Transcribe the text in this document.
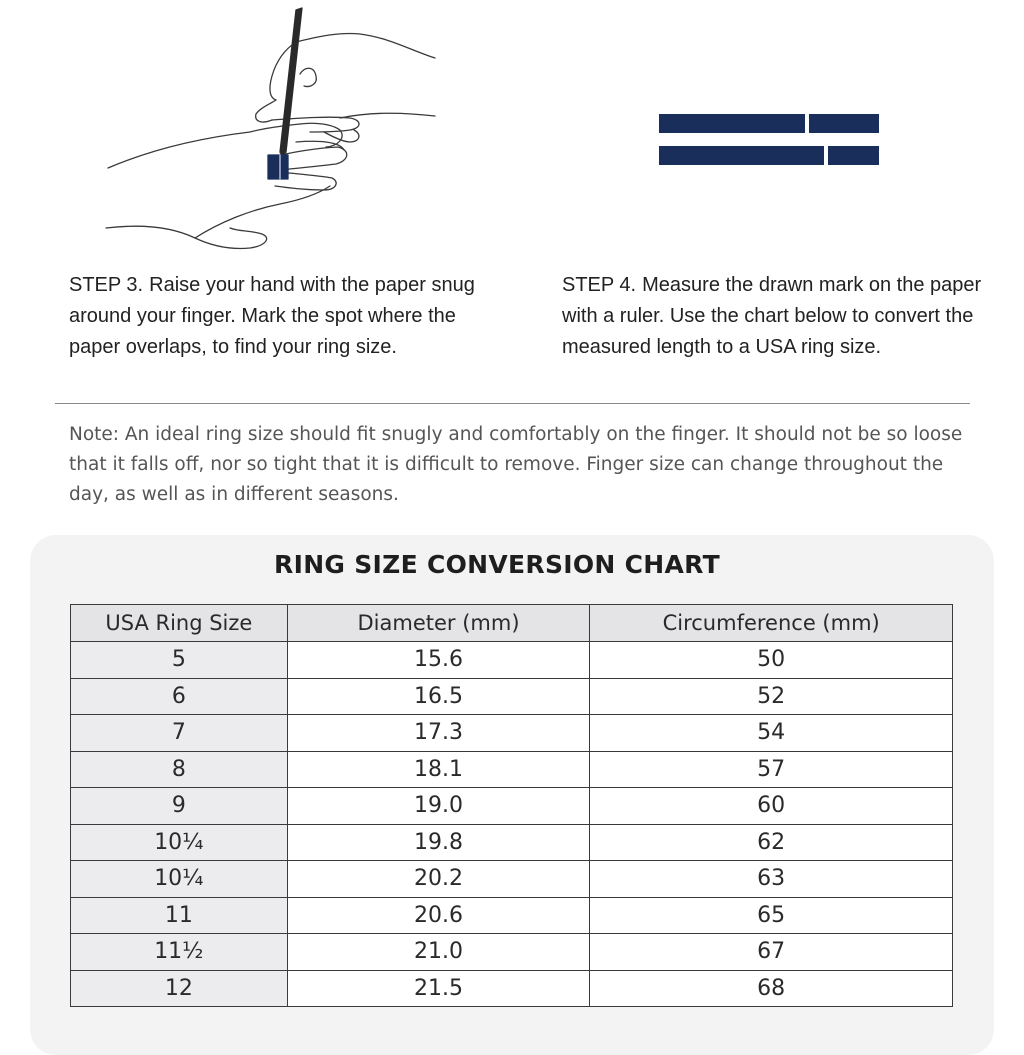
STEP 3. Raise your hand with the paper snug around your finger. Mark the spot where the paper overlaps, to find your ring size.
STEP 4. Measure the drawn mark on the paper with a ruler. Use the chart below to convert the measured length to a USA ring size.
Note: An ideal ring size should fit snugly and comfortably on the finger. It should not be so loose that it falls off, nor so tight that it is difficult to remove. Finger size can change throughout the day, as well as in different seasons.
RING SIZE CONVERSION CHART
USA Ring Size	Diameter (mm)	Circumference (mm)
5	15.6	50
6	16.5	52
7	17.3	54
8	18.1	57
9	19.0	60
10¼	19.8	62
10¼	20.2	63
11	20.6	65
11½	21.0	67
12	21.5	68
